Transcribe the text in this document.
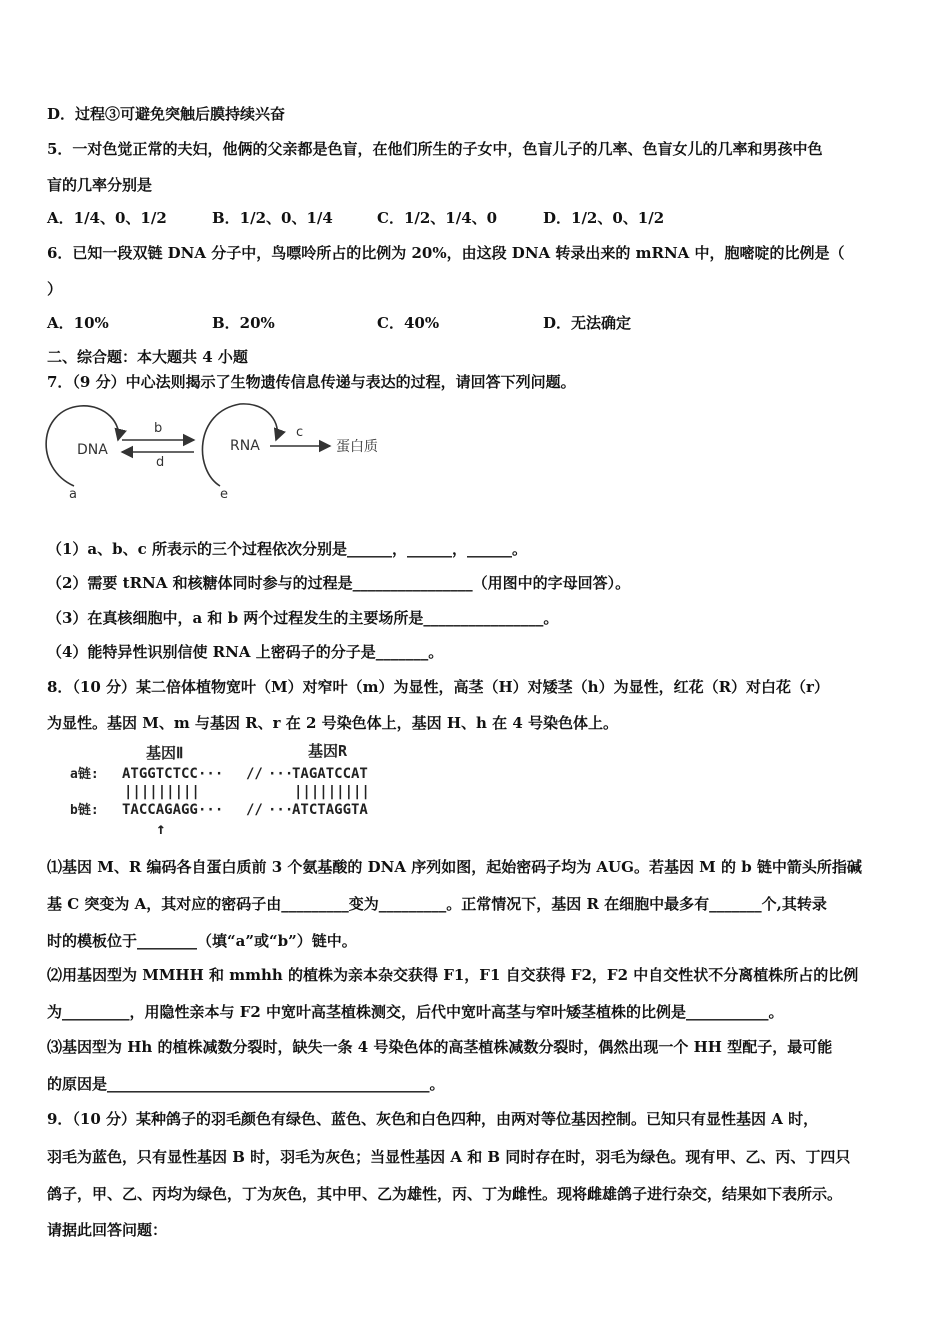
D．过程③可避免突触后膜持续兴奋
5．一对色觉正常的夫妇，他俩的父亲都是色盲，在他们所生的子女中，色盲儿子的几率、色盲女儿的几率和男孩中色
盲的几率分别是
A．1/4、0、1/2	B．1/2、0、1/4	C．1/2、1/4、0	D．1/2、0、1/2
6．已知一段双链 DNA 分子中，鸟嘌呤所占的比例为 20%，由这段 DNA 转录出来的 mRNA 中，胞嘧啶的比例是（
）
A．10%	B．20%	C．40%	D．无法确定
二、综合题：本大题共 4 小题
7．（9 分）中心法则揭示了生物遗传信息传递与表达的过程，请回答下列问题。
DNA
a
b
d
RNA
e
c
蛋白质
（1）a、b、c 所表示的三个过程依次分别是______，______，______。
（2）需要 tRNA 和核糖体同时参与的过程是________________（用图中的字母回答）。
（3）在真核细胞中，a 和 b 两个过程发生的主要场所是________________。
（4）能特异性识别信使 RNA 上密码子的分子是_______。
8．（10 分）某二倍体植物宽叶（M）对窄叶（m）为显性，高茎（H）对矮茎（h）为显性，红花（R）对白花（r）
为显性。基因 M、m 与基因 R、r 在 2 号染色体上，基因 H、h 在 4 号染色体上。
基因Ⅱ	基因R
a链: ATGGTCTCC ··· // ···
TAGATCCAT
|||||||||	|||||||||
b链: TACCAGAGG ··· // ···
ATCTAGGTA
↑
⑴基因 M、R 编码各自蛋白质前 3 个氨基酸的 DNA 序列如图，起始密码子均为 AUG。若基因 M 的 b 链中箭头所指碱
基 C 突变为 A，其对应的密码子由_________变为_________。正常情况下，基因 R 在细胞中最多有_______个,其转录
时的模板位于________（填“a”或“b”）链中。
⑵用基因型为 MMHH 和 mmhh 的植株为亲本杂交获得 F1，F1 自交获得 F2，F2 中自交性状不分离植株所占的比例
为_________，用隐性亲本与 F2 中宽叶高茎植株测交，后代中宽叶高茎与窄叶矮茎植株的比例是___________。
⑶基因型为 Hh 的植株减数分裂时，缺失一条 4 号染色体的高茎植株减数分裂时，偶然出现一个 HH 型配子，最可能
的原因是___________________________________________。
9．（10 分）某种鸽子的羽毛颜色有绿色、蓝色、灰色和白色四种，由两对等位基因控制。已知只有显性基因 A 时，
羽毛为蓝色，只有显性基因 B 时，羽毛为灰色；当显性基因 A 和 B 同时存在时，羽毛为绿色。现有甲、乙、丙、丁四只
鸽子，甲、乙、丙均为绿色，丁为灰色，其中甲、乙为雄性，丙、丁为雌性。现将雌雄鸽子进行杂交，结果如下表所示。
请据此回答问题：
